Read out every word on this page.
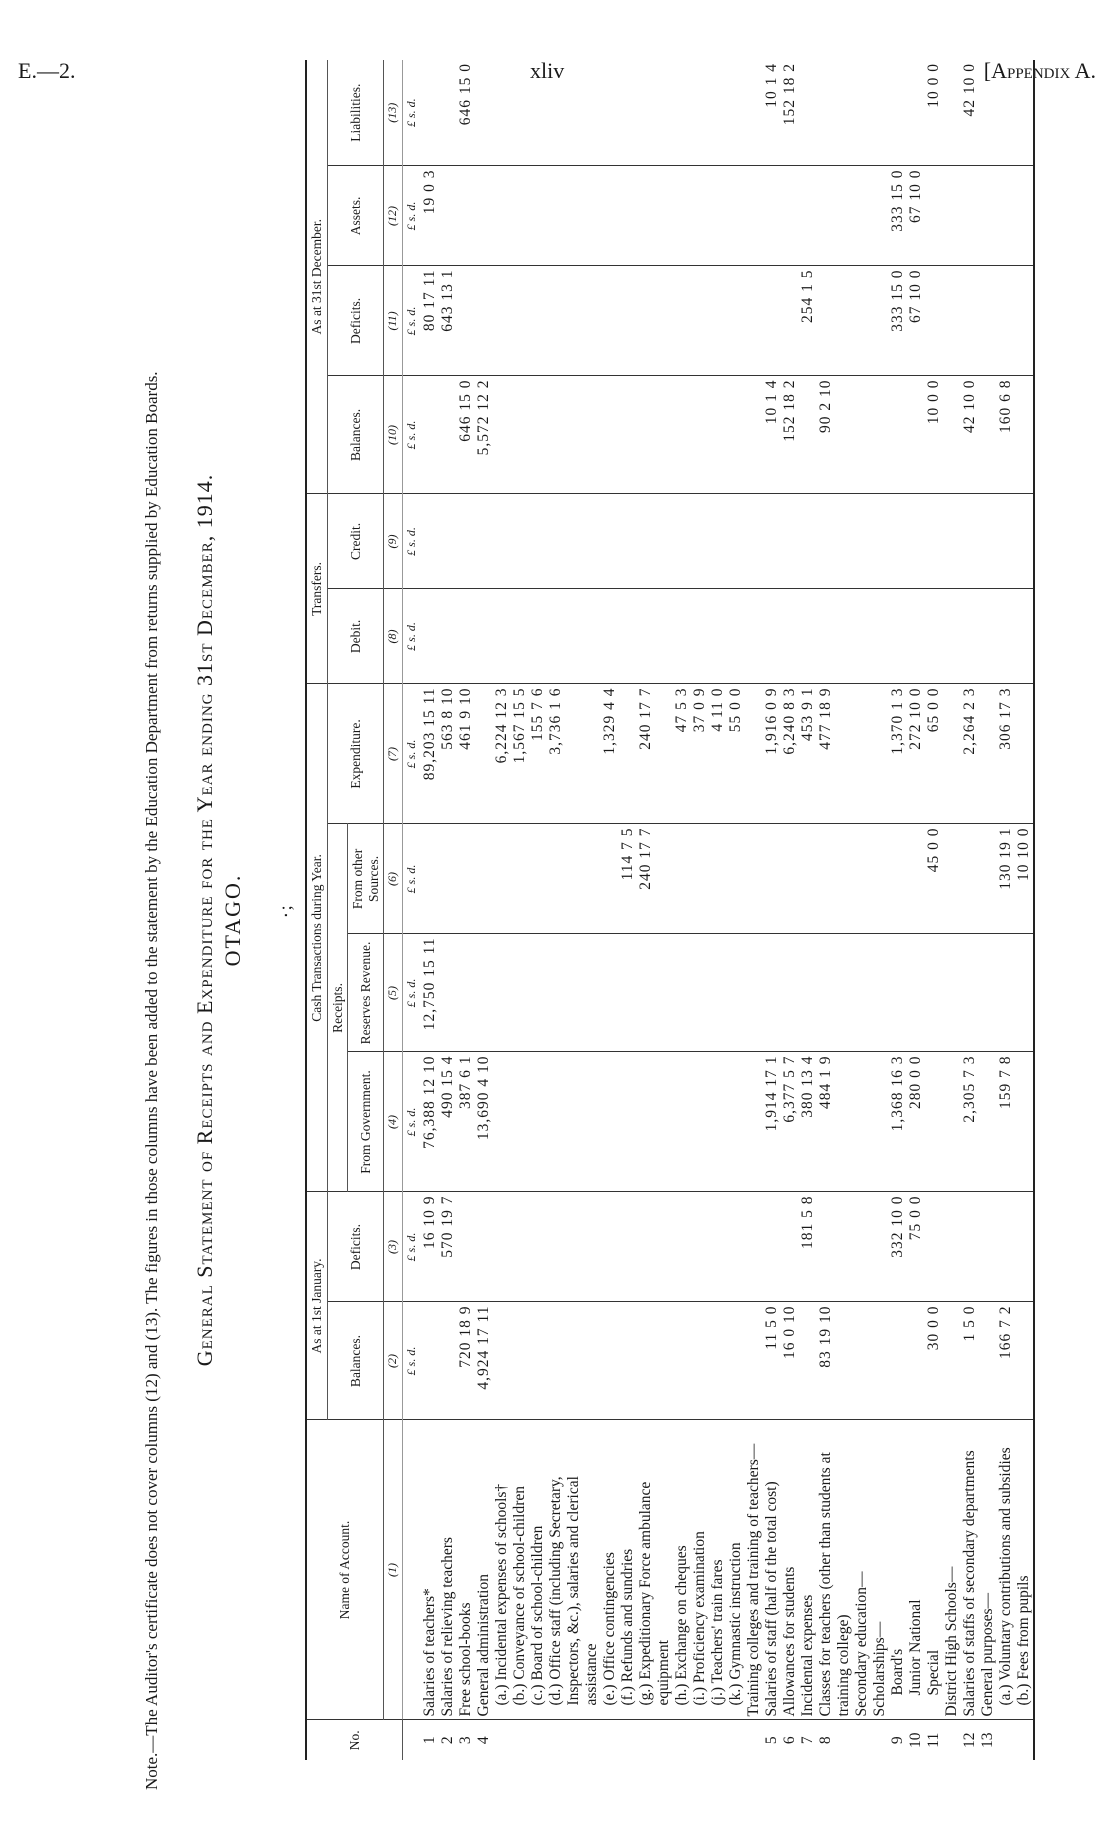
E.—2.	xliv	[Appendix A.
Note.—The Auditor's certificate does not cover columns (12) and (13). The figures in those columns have been added to the statement by the Education Department from returns supplied by Education Boards. General Statement of Receipts and Expenditure for the Year ending 31st December, 1914. OTAGO. ٠;
No.	Name of Account.	As at 1st January.		Cash Transactions during Year.				Transfers.		As at 31st December.			
		Balances.	Deficits.	Receipts.			Expenditure.	Debit.	Credit.	Balances.	Deficits.	Assets.	Liabilities.
				From Government.	Reserves Revenue.	From other Sources.							
	(1)	(2)	(3)	(4)	(5)	(6)	(7)	(8)	(9)	(10)	(11)	(12)	(13)
		£ s. d.	£ s. d.	£ s. d.	£ s. d.	£ s. d.	£ s. d.	£ s. d.	£ s. d.	£ s. d.	£ s. d.	£ s. d.	£ s. d.
1	Salaries of teachers*		16 10 9	76,388 12 10	12,750 15 11		89,203 15 11				80 17 11	19 0 3	
2	Salaries of relieving teachers		570 19 7	490 15 4			563 8 10				643 13 1		
3	Free school-books	720 18 9		387 6 1			461 9 10			646 15 0			646 15 0
4	General administration	4,924 17 11		13,690 4 10						5,572 12 2			
	(a.) Incidental expenses of schools†						6,224 12 3						
	(b.) Conveyance of school-children						1,567 15 5						
	(c.) Board of school-children						155 7 6						
	(d.) Office staff (including Secretary, Inspectors, &c.), salaries and clerical assistance						3,736 1 6						
	(e.) Office contingencies						1,329 4 4						
	(f.) Refunds and sundries					114 7 5							
	(g.) Expeditionary Force ambulance equipment					240 17 7	240 17 7						
	(h.) Exchange on cheques						47 5 3						
	(i.) Proficiency examination						37 0 9						
	(j.) Teachers' train fares						4 11 0						
	(k.) Gymnastic instruction						55 0 0						
	Training colleges and training of teachers—												
5	Salaries of staff (half of the total cost)	11 5 0		1,914 17 1			1,916 0 9			10 1 4			10 1 4
6	Allowances for students	16 0 10		6,377 5 7			6,240 8 3			152 18 2			152 18 2
7	Incidental expenses		181 5 8	380 13 4			453 9 1				254 1 5		
8	Classes for teachers (other than students at training college)	83 19 10		484 1 9			477 18 9			90 2 10			
	Secondary education—												
	Scholarships—												
9	Board's		332 10 0	1,368 16 3			1,370 1 3				333 15 0	333 15 0	
10	Junior National		75 0 0	280 0 0			272 10 0				67 10 0	67 10 0	
11	Special	30 0 0				45 0 0	65 0 0			10 0 0			10 0 0
	District High Schools—												
12	Salaries of staffs of secondary departments	1 5 0		2,305 7 3			2,264 2 3			42 10 0			42 10 0
13	General purposes—												
	(a.) Voluntary contributions and subsidies	166 7 2		159 7 8		130 19 1	306 17 3			160 6 8			
	(b.) Fees from pupils					10 10 0							
